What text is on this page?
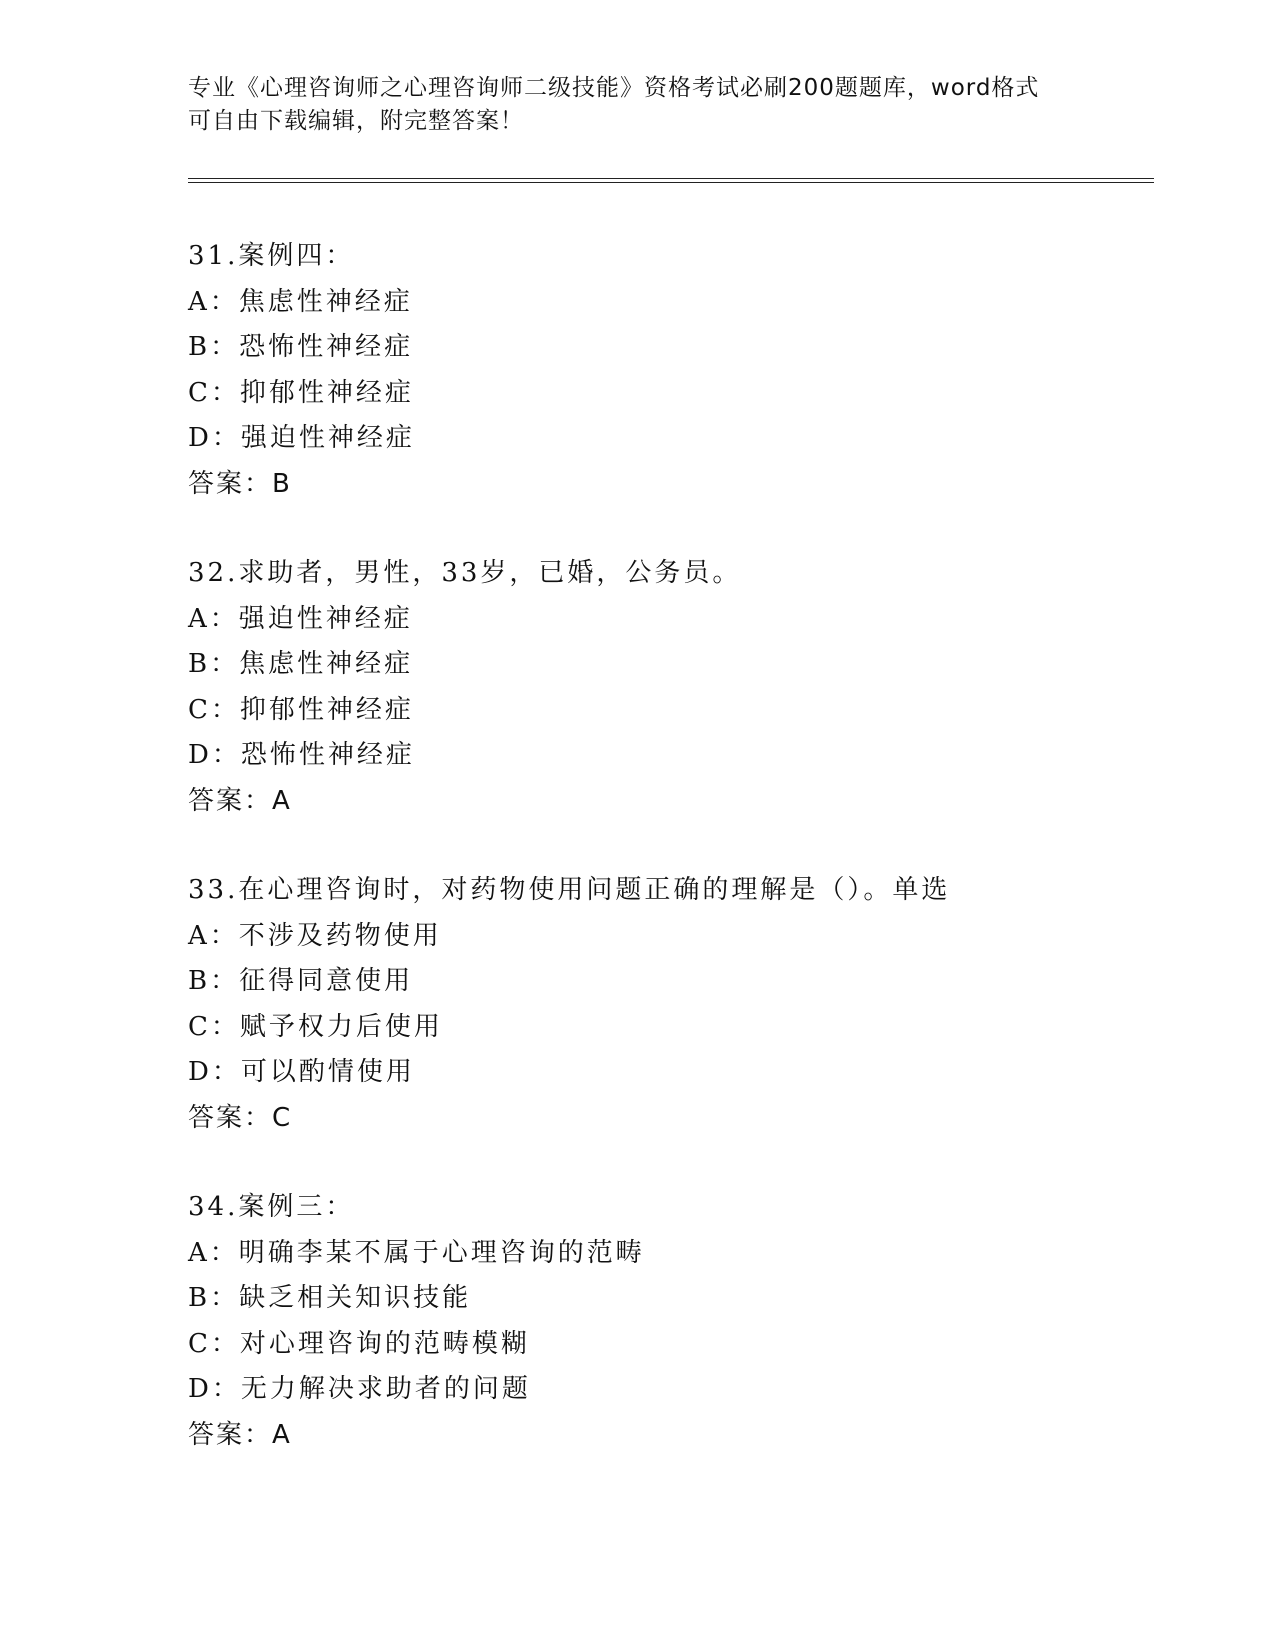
专业《心理咨询师之心理咨询师二级技能》资格考试必刷200题题库，word格式
可自由下载编辑，附完整答案！
31.案例四：
A：焦虑性神经症
B：恐怖性神经症
C：抑郁性神经症
D：强迫性神经症
答案：B
32.求助者，男性，33岁，已婚，公务员。
A：强迫性神经症
B：焦虑性神经症
C：抑郁性神经症
D：恐怖性神经症
答案：A
33.在心理咨询时，对药物使用问题正确的理解是（）。单选
A：不涉及药物使用
B：征得同意使用
C：赋予权力后使用
D：可以酌情使用
答案：C
34.案例三：
A：明确李某不属于心理咨询的范畴
B：缺乏相关知识技能
C：对心理咨询的范畴模糊
D：无力解决求助者的问题
答案：A
